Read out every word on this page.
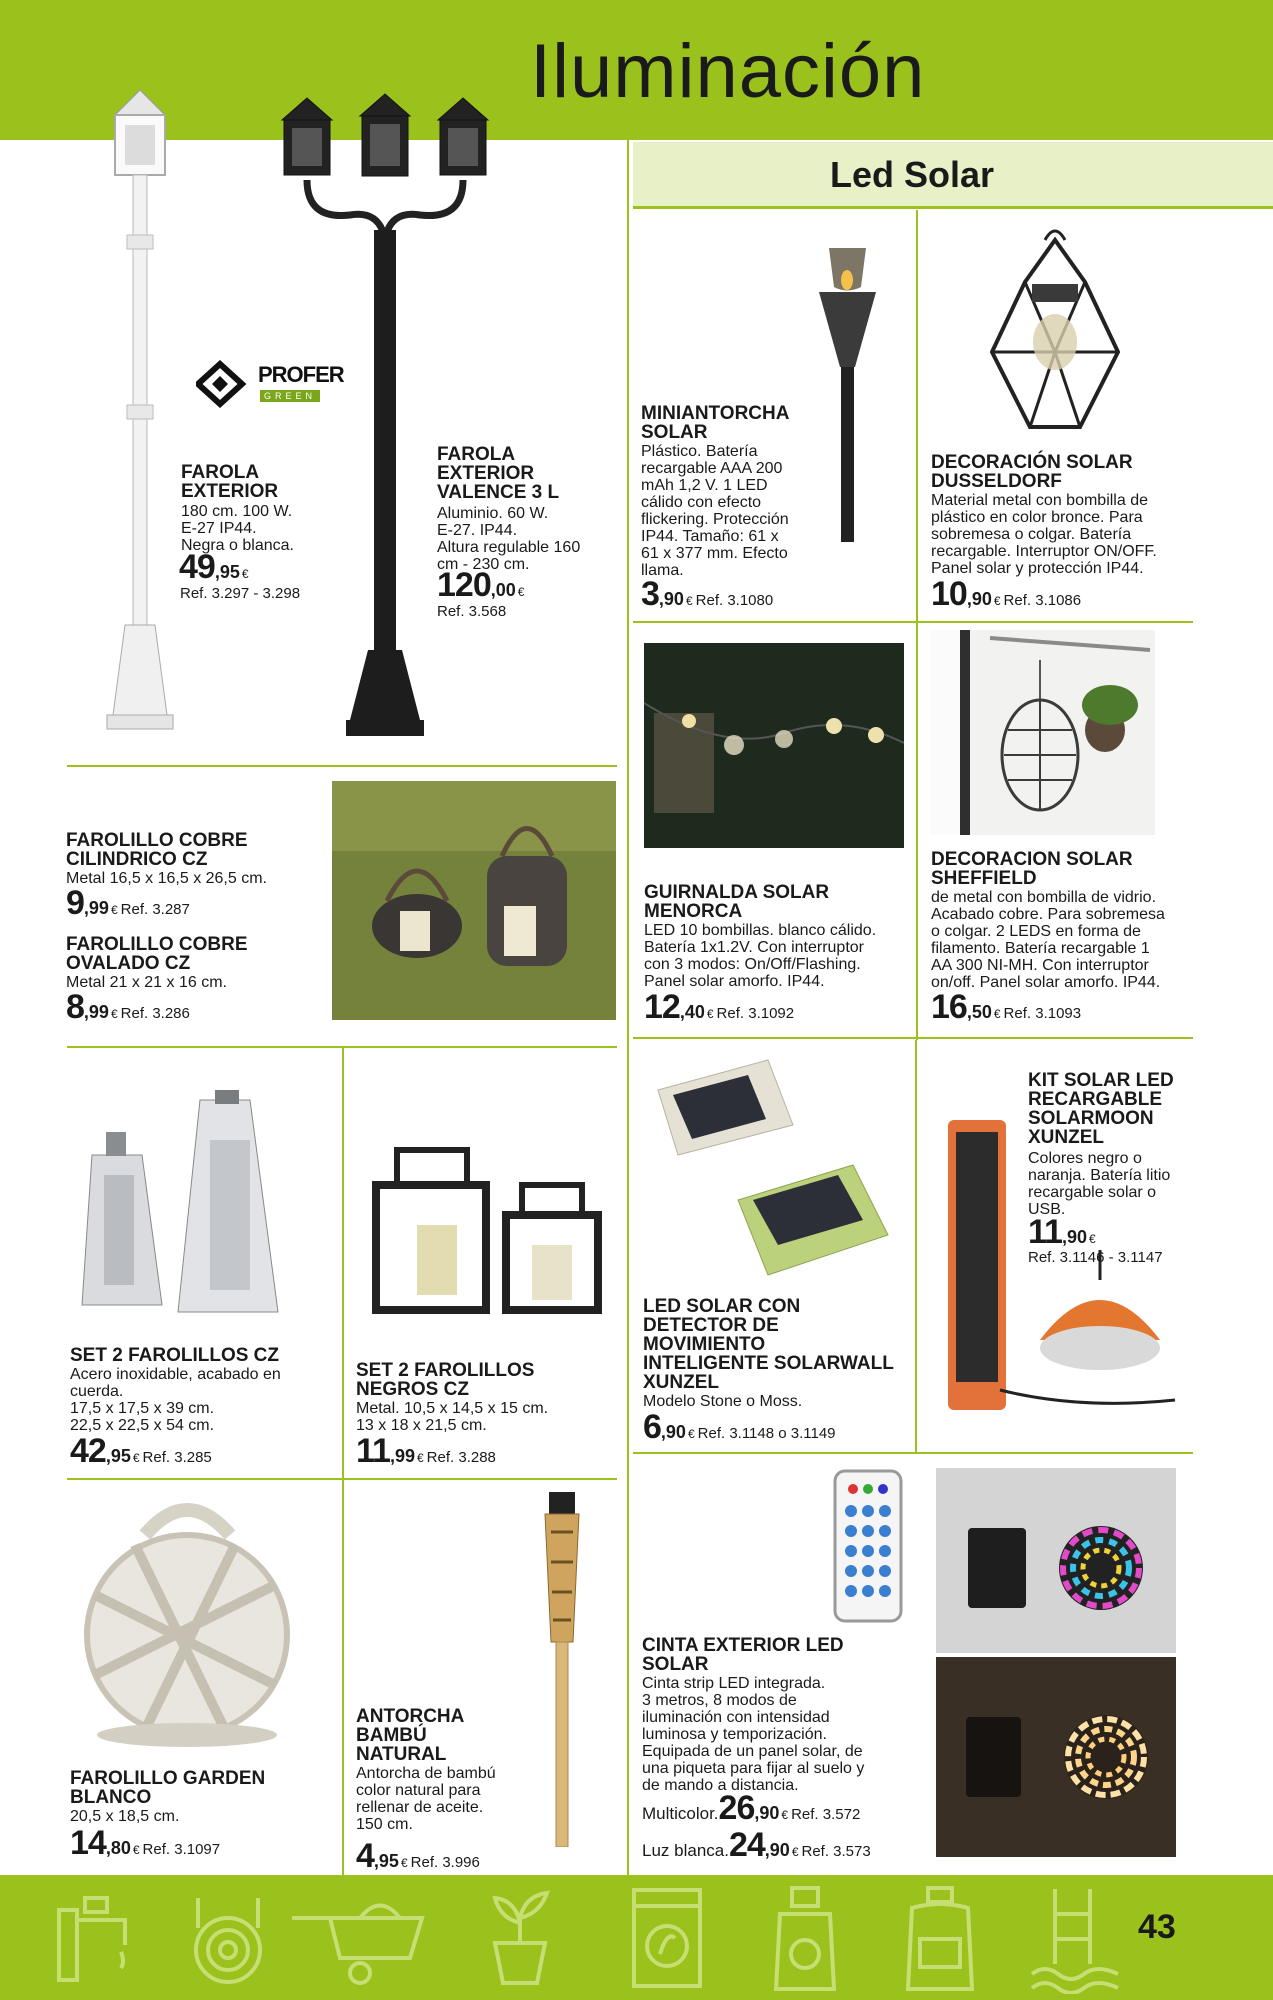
Iluminación
Led Solar
PROFER
GREEN
FAROLA
EXTERIOR
180 cm. 100 W.
E-27 IP44.
Negra o blanca.
49,95 €
Ref. 3.297 - 3.298
FAROLA
EXTERIOR
VALENCE 3 L
Aluminio. 60 W.
E-27. IP44.
Altura regulable 160
cm - 230 cm.
120,00 €
Ref. 3.568
FAROLILLO COBRE
CILINDRICO CZ
Metal 16,5 x 16,5 x 26,5 cm.
9,99 € Ref. 3.287
FAROLILLO COBRE
OVALADO CZ
Metal 21 x 21 x 16 cm.
8,99 € Ref. 3.286
SET 2 FAROLILLOS CZ
Acero inoxidable, acabado en
cuerda.
17,5 x 17,5 x 39 cm.
22,5 x 22,5 x 54 cm.
42,95 € Ref. 3.285
SET 2 FAROLILLOS
NEGROS CZ
Metal. 10,5 x 14,5 x 15 cm.
13 x 18 x 21,5 cm.
11,99 € Ref. 3.288
FAROLILLO GARDEN
BLANCO
20,5 x 18,5 cm.
14,80 € Ref. 3.1097
ANTORCHA
BAMBÚ
NATURAL
Antorcha de bambú
color natural para
rellenar de aceite.
150 cm.
4,95 € Ref. 3.996
MINIANTORCHA
SOLAR
Plástico. Batería
recargable AAA 200
mAh 1,2 V. 1 LED
cálido con efecto
flickering. Protección
IP44. Tamaño: 61 x
61 x 377 mm. Efecto
llama.
3,90 € Ref. 3.1080
DECORACIÓN SOLAR
DUSSELDORF
Material metal con bombilla de
plástico en color bronce. Para
sobremesa o colgar. Batería
recargable. Interruptor ON/OFF.
Panel solar y protección IP44.
10,90 € Ref. 3.1086
GUIRNALDA SOLAR
MENORCA
LED 10 bombillas. blanco cálido.
Batería 1x1.2V. Con interruptor
con 3 modos: On/Off/Flashing.
Panel solar amorfo. IP44.
12,40 € Ref. 3.1092
DECORACION SOLAR
SHEFFIELD
de metal con bombilla de vidrio.
Acabado cobre. Para sobremesa
o colgar. 2 LEDS en forma de
filamento. Batería recargable 1
AA 300 NI-MH. Con interruptor
on/off. Panel solar amorfo. IP44.
16,50 € Ref. 3.1093
LED SOLAR CON
DETECTOR DE
MOVIMIENTO
INTELIGENTE SOLARWALL
XUNZEL
Modelo Stone o Moss.
6,90 € Ref. 3.1148 o 3.1149
KIT SOLAR LED
RECARGABLE
SOLARMOON
XUNZEL
Colores negro o
naranja. Batería litio
recargable solar o
USB.
11,90 €
Ref. 3.1146 - 3.1147
CINTA EXTERIOR LED
SOLAR
Cinta strip LED integrada.
3 metros, 8 modos de
iluminación con intensidad
luminosa y temporización.
Equipada de un panel solar, de
una piqueta para fijar al suelo y
de mando a distancia.
Multicolor.26,90 € Ref. 3.572
Luz blanca.24,90 € Ref. 3.573
43
